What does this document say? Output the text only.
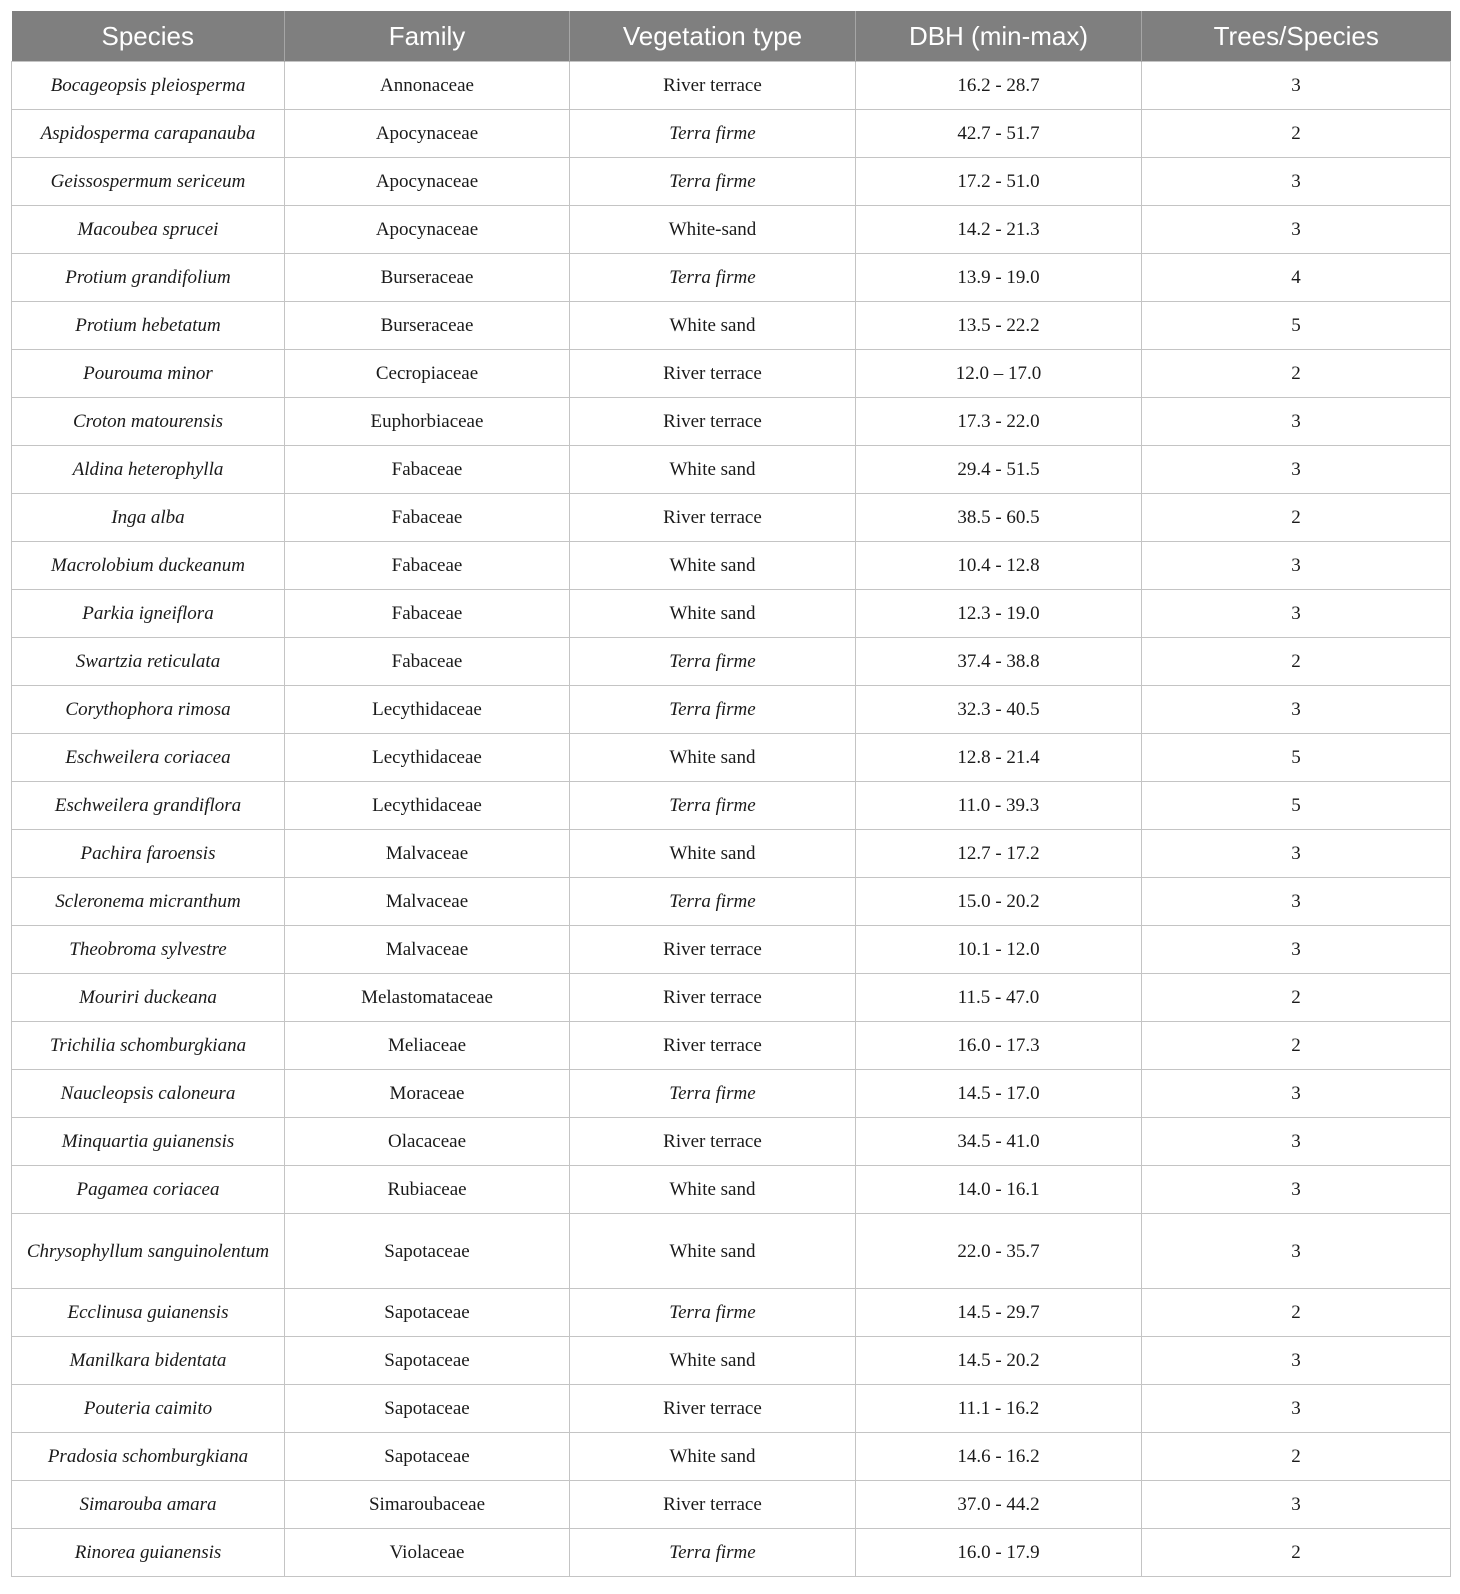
Species	Family	Vegetation type	DBH (min-max)	Trees/Species
Bocageopsis pleiosperma	Annonaceae	River terrace	16.2 - 28.7	3
Aspidosperma carapanauba	Apocynaceae	Terra firme	42.7 - 51.7	2
Geissospermum sericeum	Apocynaceae	Terra firme	17.2 - 51.0	3
Macoubea sprucei	Apocynaceae	White-sand	14.2 - 21.3	3
Protium grandifolium	Burseraceae	Terra firme	13.9 - 19.0	4
Protium hebetatum	Burseraceae	White sand	13.5 - 22.2	5
Pourouma minor	Cecropiaceae	River terrace	12.0 – 17.0	2
Croton matourensis	Euphorbiaceae	River terrace	17.3 - 22.0	3
Aldina heterophylla	Fabaceae	White sand	29.4 - 51.5	3
Inga alba	Fabaceae	River terrace	38.5 - 60.5	2
Macrolobium duckeanum	Fabaceae	White sand	10.4 - 12.8	3
Parkia igneiflora	Fabaceae	White sand	12.3 - 19.0	3
Swartzia reticulata	Fabaceae	Terra firme	37.4 - 38.8	2
Corythophora rimosa	Lecythidaceae	Terra firme	32.3 - 40.5	3
Eschweilera coriacea	Lecythidaceae	White sand	12.8 - 21.4	5
Eschweilera grandiflora	Lecythidaceae	Terra firme	11.0 - 39.3	5
Pachira faroensis	Malvaceae	White sand	12.7 - 17.2	3
Scleronema micranthum	Malvaceae	Terra firme	15.0 - 20.2	3
Theobroma sylvestre	Malvaceae	River terrace	10.1 - 12.0	3
Mouriri duckeana	Melastomataceae	River terrace	11.5 - 47.0	2
Trichilia schomburgkiana	Meliaceae	River terrace	16.0 - 17.3	2
Naucleopsis caloneura	Moraceae	Terra firme	14.5 - 17.0	3
Minquartia guianensis	Olacaceae	River terrace	34.5 - 41.0	3
Pagamea coriacea	Rubiaceae	White sand	14.0 - 16.1	3
Chrysophyllum sanguinolentum	Sapotaceae	White sand	22.0 - 35.7	3
Ecclinusa guianensis	Sapotaceae	Terra firme	14.5 - 29.7	2
Manilkara bidentata	Sapotaceae	White sand	14.5 - 20.2	3
Pouteria caimito	Sapotaceae	River terrace	11.1 - 16.2	3
Pradosia schomburgkiana	Sapotaceae	White sand	14.6 - 16.2	2
Simarouba amara	Simaroubaceae	River terrace	37.0 - 44.2	3
Rinorea guianensis	Violaceae	Terra firme	16.0 - 17.9	2
